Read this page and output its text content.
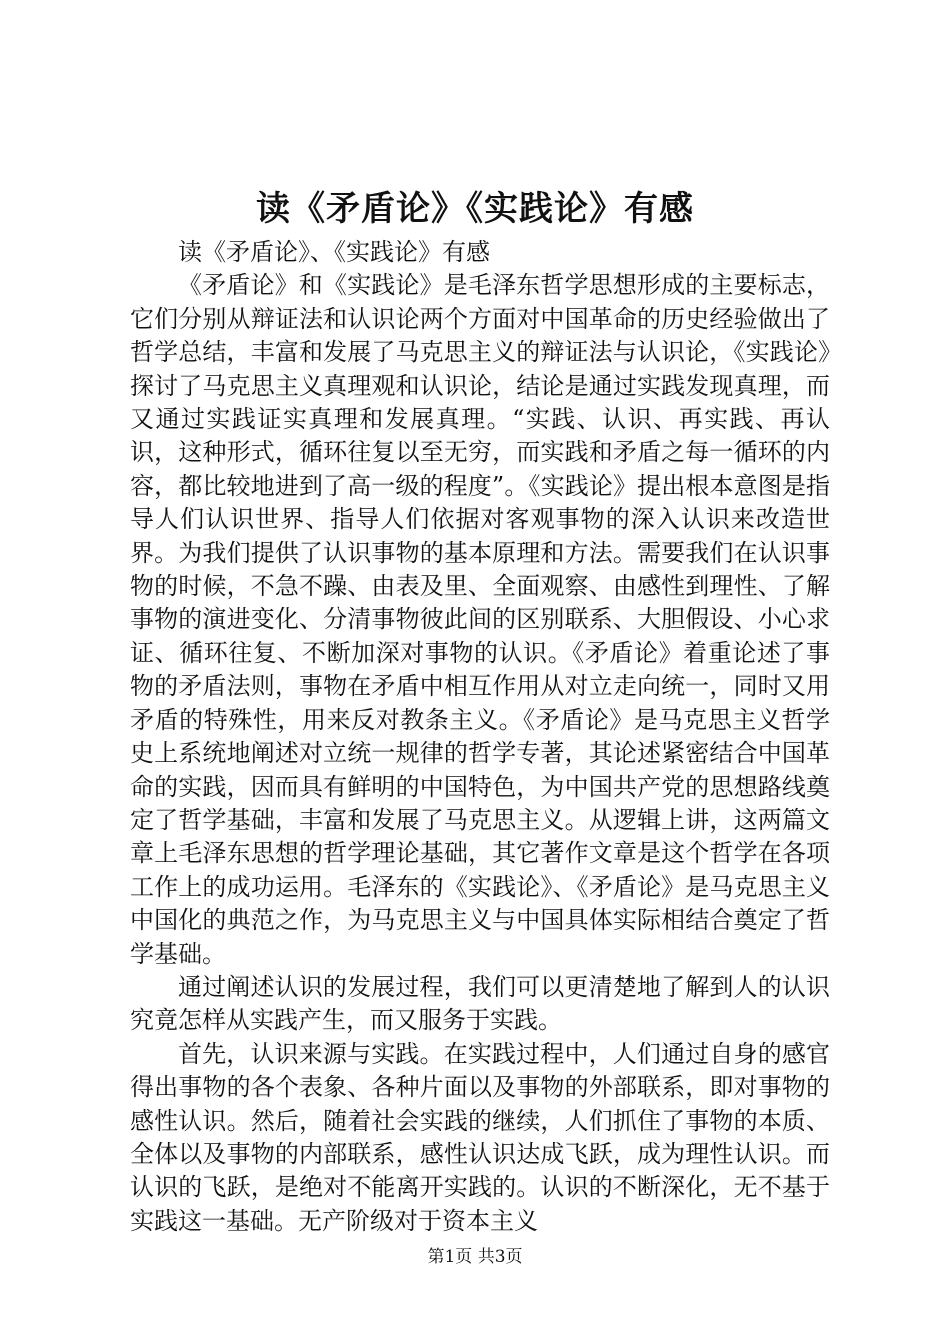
读《矛盾论》《实践论》有感

读《矛盾论》、《实践论》有感

《矛盾论》和《实践论》是毛泽东哲学思想形成的主要标志，它们分别从辩证法和认识论两个方面对中国革命的历史经验做出了哲学总结，丰富和发展了马克思主义的辩证法与认识论，《实践论》探讨了马克思主义真理观和认识论，结论是通过实践发现真理，而又通过实践证实真理和发展真理。“实践、认识、再实践、再认识，这种形式，循环往复以至无穷，而实践和矛盾之每一循环的内容，都比较地进到了高一级的程度”。《实践论》提出根本意图是指导人们认识世界、指导人们依据对客观事物的深入认识来改造世界。为我们提供了认识事物的基本原理和方法。需要我们在认识事物的时候，不急不躁、由表及里、全面观察、由感性到理性、了解事物的演进变化、分清事物彼此间的区别联系、大胆假设、小心求证、循环往复、不断加深对事物的认识。《矛盾论》着重论述了事物的矛盾法则，事物在矛盾中相互作用从对立走向统一，同时又用矛盾的特殊性，用来反对教条主义。《矛盾论》是马克思主义哲学史上系统地阐述对立统一规律的哲学专著，其论述紧密结合中国革命的实践，因而具有鲜明的中国特色，为中国共产党的思想路线奠定了哲学基础，丰富和发展了马克思主义。从逻辑上讲，这两篇文章上毛泽东思想的哲学理论基础，其它著作文章是这个哲学在各项工作上的成功运用。毛泽东的《实践论》、《矛盾论》是马克思主义中国化的典范之作，为马克思主义与中国具体实际相结合奠定了哲学基础。

通过阐述认识的发展过程，我们可以更清楚地了解到人的认识究竟怎样从实践产生，而又服务于实践。

首先，认识来源与实践。在实践过程中，人们通过自身的感官得出事物的各个表象、各种片面以及事物的外部联系，即对事物的感性认识。然后，随着社会实践的继续，人们抓住了事物的本质、全体以及事物的内部联系，感性认识达成飞跃，成为理性认识。而认识的飞跃，是绝对不能离开实践的。认识的不断深化，无不基于实践这一基础。无产阶级对于资本主义

第1页 共3页
